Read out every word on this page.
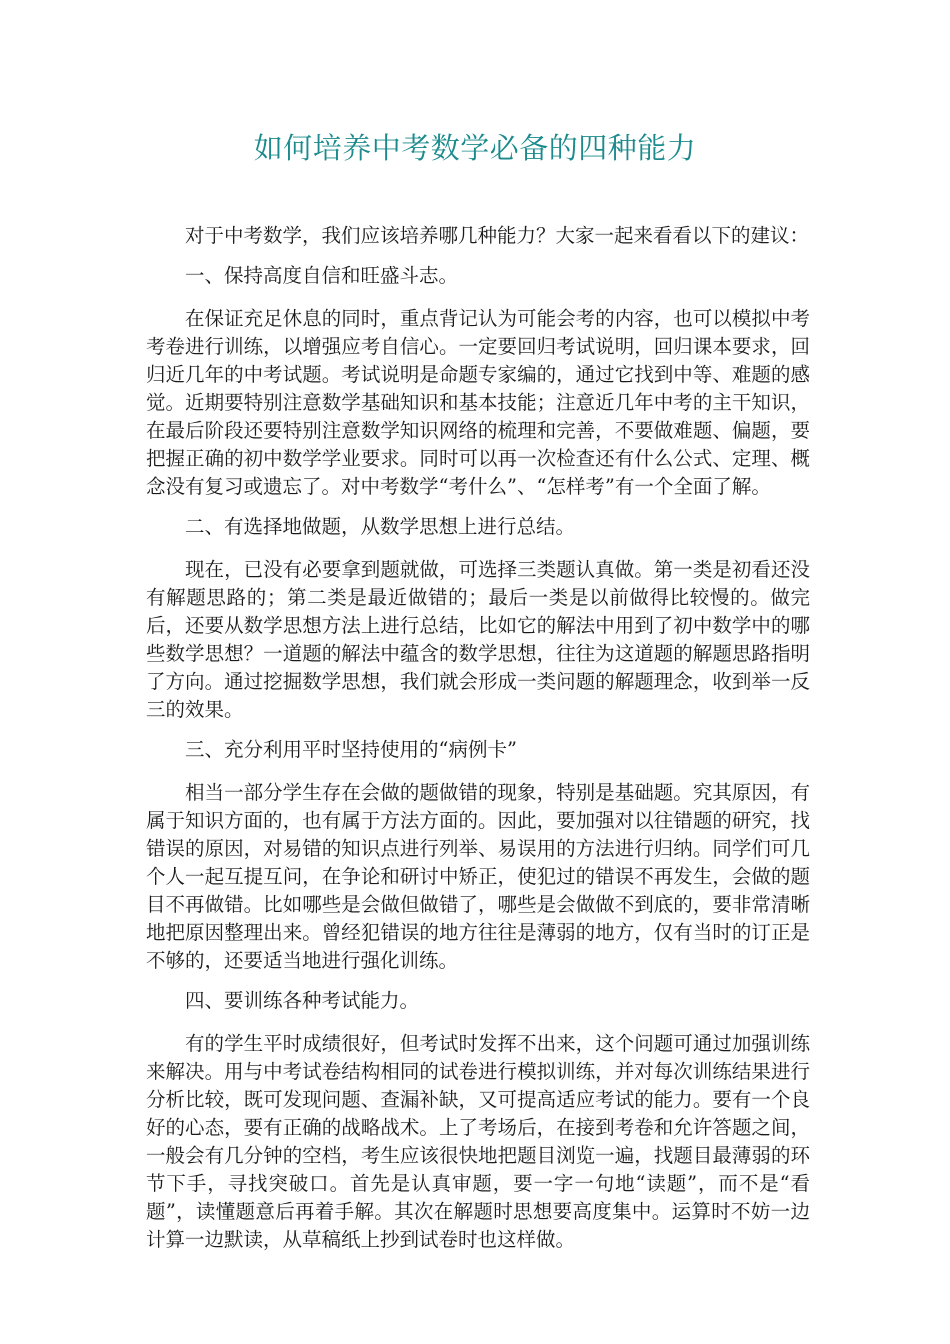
如何培养中考数学必备的四种能力

对于中考数学，我们应该培养哪几种能力？大家一起来看看以下的建议：

一、保持高度自信和旺盛斗志。

在保证充足休息的同时，重点背记认为可能会考的内容，也可以模拟中考考卷进行训练，以增强应考自信心。一定要回归考试说明，回归课本要求，回归近几年的中考试题。考试说明是命题专家编的，通过它找到中等、难题的感觉。近期要特别注意数学基础知识和基本技能；注意近几年中考的主干知识，在最后阶段还要特别注意数学知识网络的梳理和完善，不要做难题、偏题，要把握正确的初中数学学业要求。同时可以再一次检查还有什么公式、定理、概念没有复习或遗忘了。对中考数学“考什么”、“怎样考”有一个全面了解。

二、有选择地做题，从数学思想上进行总结。

现在，已没有必要拿到题就做，可选择三类题认真做。第一类是初看还没有解题思路的；第二类是最近做错的；最后一类是以前做得比较慢的。做完后，还要从数学思想方法上进行总结，比如它的解法中用到了初中数学中的哪些数学思想？一道题的解法中蕴含的数学思想，往往为这道题的解题思路指明了方向。通过挖掘数学思想，我们就会形成一类问题的解题理念，收到举一反三的效果。

三、充分利用平时坚持使用的“病例卡”

相当一部分学生存在会做的题做错的现象，特别是基础题。究其原因，有属于知识方面的，也有属于方法方面的。因此，要加强对以往错题的研究，找错误的原因，对易错的知识点进行列举、易误用的方法进行归纳。同学们可几个人一起互提互问，在争论和研讨中矫正，使犯过的错误不再发生，会做的题目不再做错。比如哪些是会做但做错了，哪些是会做做不到底的，要非常清晰地把原因整理出来。曾经犯错误的地方往往是薄弱的地方，仅有当时的订正是不够的，还要适当地进行强化训练。

四、要训练各种考试能力。

有的学生平时成绩很好，但考试时发挥不出来，这个问题可通过加强训练来解决。用与中考试卷结构相同的试卷进行模拟训练，并对每次训练结果进行分析比较，既可发现问题、查漏补缺，又可提高适应考试的能力。要有一个良好的心态，要有正确的战略战术。上了考场后，在接到考卷和允许答题之间，一般会有几分钟的空档，考生应该很快地把题目浏览一遍，找题目最薄弱的环节下手，寻找突破口。首先是认真审题，要一字一句地“读题”，而不是“看题”，读懂题意后再着手解。其次在解题时思想要高度集中。运算时不妨一边计算一边默读，从草稿纸上抄到试卷时也这样做。
